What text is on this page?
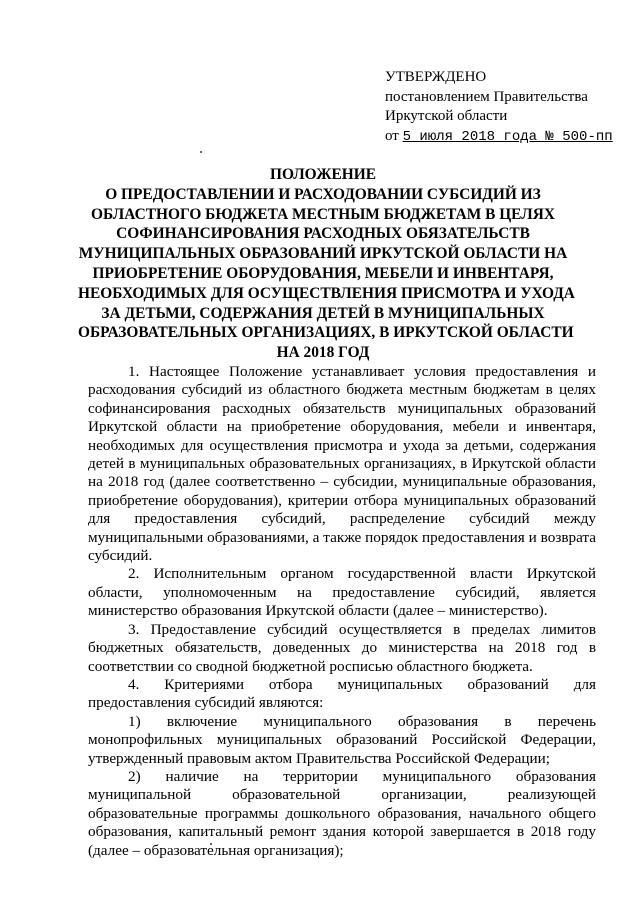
УТВЕРЖДЕНО
постановлением Правительства
Иркутской области
от 5 июля 2018 года № 500-пп
ПОЛОЖЕНИЕ
О ПРЕДОСТАВЛЕНИИ И РАСХОДОВАНИИ СУБСИДИЙ ИЗ
ОБЛАСТНОГО БЮДЖЕТА МЕСТНЫМ БЮДЖЕТАМ В ЦЕЛЯХ
СОФИНАНСИРОВАНИЯ РАСХОДНЫХ ОБЯЗАТЕЛЬСТВ
МУНИЦИПАЛЬНЫХ ОБРАЗОВАНИЙ ИРКУТСКОЙ ОБЛАСТИ НА
ПРИОБРЕТЕНИЕ ОБОРУДОВАНИЯ, МЕБЕЛИ И ИНВЕНТАРЯ,
НЕОБХОДИМЫХ ДЛЯ ОСУЩЕСТВЛЕНИЯ ПРИСМОТРА И УХОДА
ЗА ДЕТЬМИ, СОДЕРЖАНИЯ ДЕТЕЙ В МУНИЦИПАЛЬНЫХ
ОБРАЗОВАТЕЛЬНЫХ ОРГАНИЗАЦИЯХ, В ИРКУТСКОЙ ОБЛАСТИ
НА 2018 ГОД

1. Настоящее Положение устанавливает условия предоставления и расходования субсидий из областного бюджета местным бюджетам в целях софинансирования расходных обязательств муниципальных образований Иркутской области на приобретение оборудования, мебели и инвентаря, необходимых для осуществления присмотра и ухода за детьми, содержания детей в муниципальных образовательных организациях, в Иркутской области на 2018 год (далее соответственно – субсидии, муниципальные образования, приобретение оборудования), критерии отбора муниципальных образований для предоставления субсидий, распределение субсидий между муниципальными образованиями, а также порядок предоставления и возврата субсидий.

2. Исполнительным органом государственной власти Иркутской области, уполномоченным на предоставление субсидий, является министерство образования Иркутской области (далее – министерство).

3. Предоставление субсидий осуществляется в пределах лимитов бюджетных обязательств, доведенных до министерства на 2018 год в соответствии со сводной бюджетной росписью областного бюджета.

4. Критериями отбора муниципальных образований для предоставления субсидий являются:

1) включение муниципального образования в перечень монопрофильных муниципальных образований Российской Федерации, утвержденный правовым актом Правительства Российской Федерации;

2) наличие на территории муниципального образования муниципальной образовательной организации, реализующей образовательные программы дошкольного образования, начального общего образования, капитальный ремонт здания которой завершается в 2018 году (далее – образовательная организация);
